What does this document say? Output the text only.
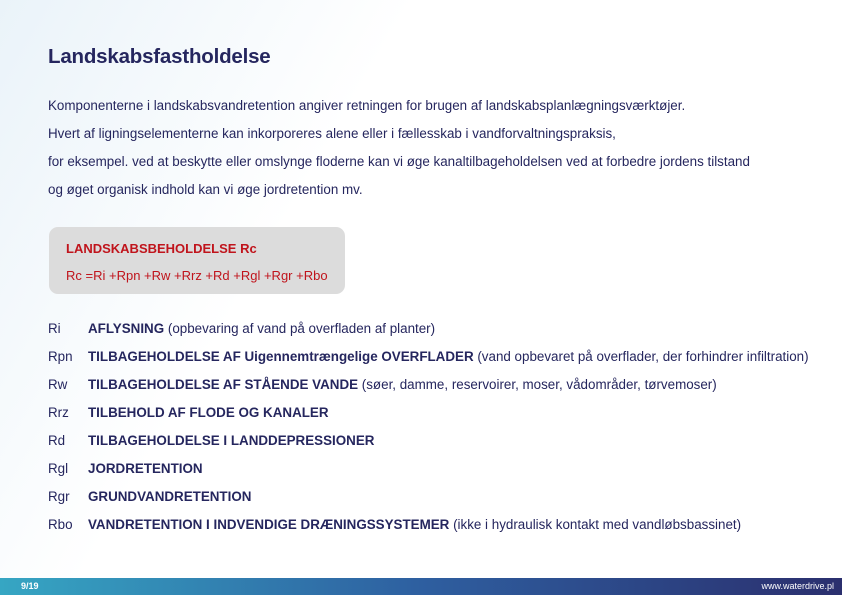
Landskabsfastholdelse
Komponenterne i landskabsvandretention angiver retningen for brugen af landskabsplanlægningsværktøjer.
Hvert af ligningselementerne kan inkorporeres alene eller i fællesskab i vandforvaltningspraksis,
for eksempel. ved at beskytte eller omslynge floderne kan vi øge kanaltilbageholdelsen ved at forbedre jordens tilstand
og øget organisk indhold kan vi øge jordretention mv.
LANDSKABSBEHOLDELSE Rc
Rc =Ri +Rpn +Rw +Rrz +Rd +Rgl +Rgr +Rbo
Ri AFLYSNING (opbevaring af vand på overfladen af planter)
Rpn TILBAGEHOLDELSE AF Uigennemtrængelige OVERFLADER (vand opbevaret på overflader, der forhindrer infiltration)
Rw TILBAGEHOLDELSE AF STÅENDE VANDE (søer, damme, reservoirer, moser, vådområder, tørvemoser)
Rrz TILBEHOLD AF FLODE OG KANALER
Rd TILBAGEHOLDELSE I LANDDEPRESSIONER
Rgl JORDRETENTION
Rgr GRUNDVANDRETENTION
Rbo VANDRETENTION I INDVENDIGE DRÆNINGSSYSTEMER (ikke i hydraulisk kontakt med vandløbsbassinet)
9/19	www.waterdrive.pl
